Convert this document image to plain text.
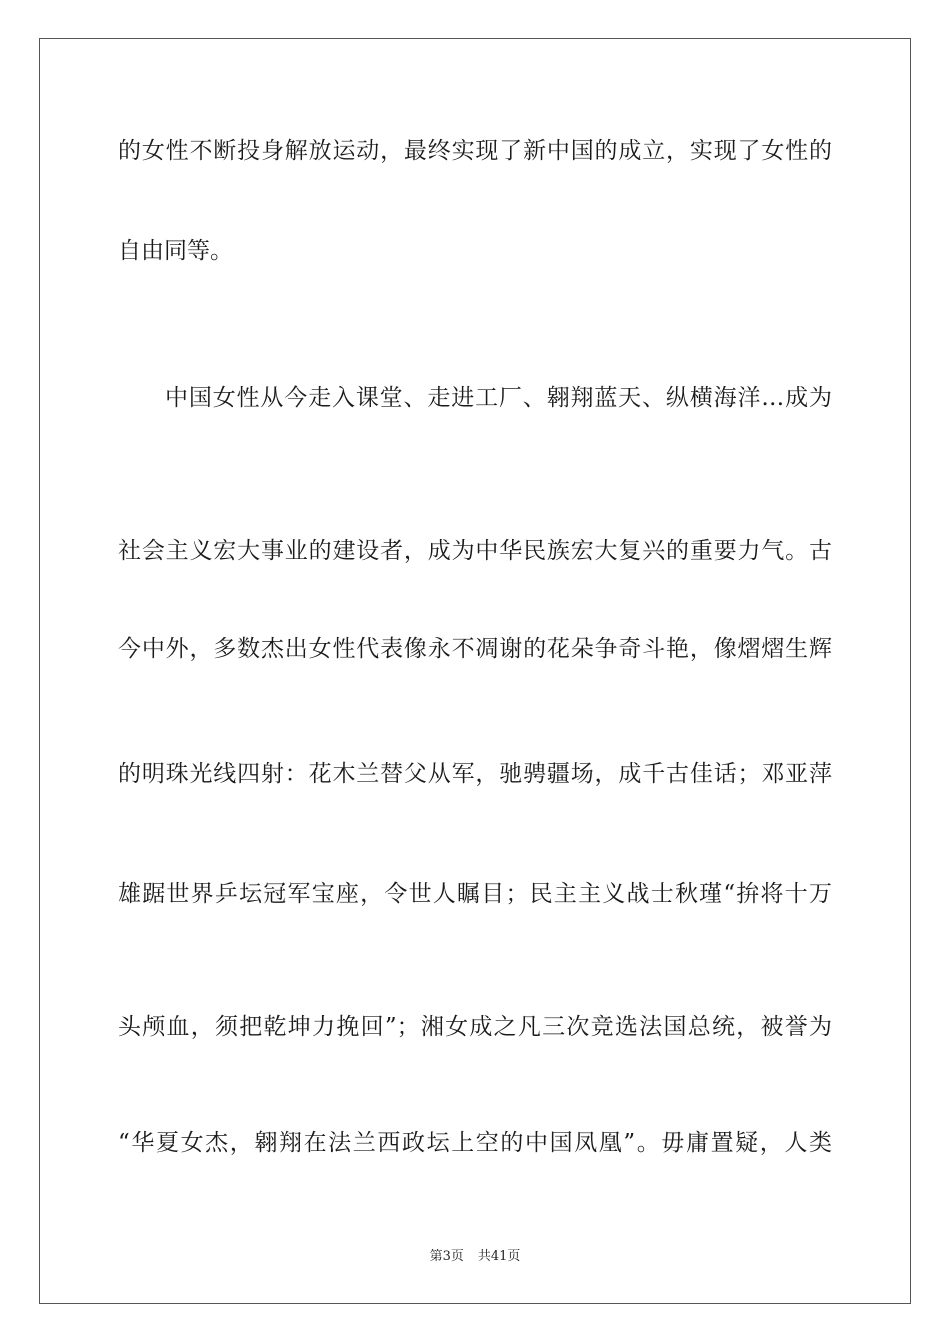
的女性不断投身解放运动，最终实现了新中国的成立，实现了女性的
自由同等。
中国女性从今走入课堂、走进工厂、翱翔蓝天、纵横海洋…成为
社会主义宏大事业的建设者，成为中华民族宏大复兴的重要力气。古
今中外，多数杰出女性代表像永不凋谢的花朵争奇斗艳，像熠熠生辉
的明珠光线四射：花木兰替父从军，驰骋疆场，成千古佳话；邓亚萍
雄踞世界乒坛冠军宝座，令世人瞩目；民主主义战士秋瑾“拚将十万
头颅血，须把乾坤力挽回”；湘女成之凡三次竞选法国总统，被誉为
“华夏女杰，翱翔在法兰西政坛上空的中国凤凰”。毋庸置疑，人类
第3页 共41页
